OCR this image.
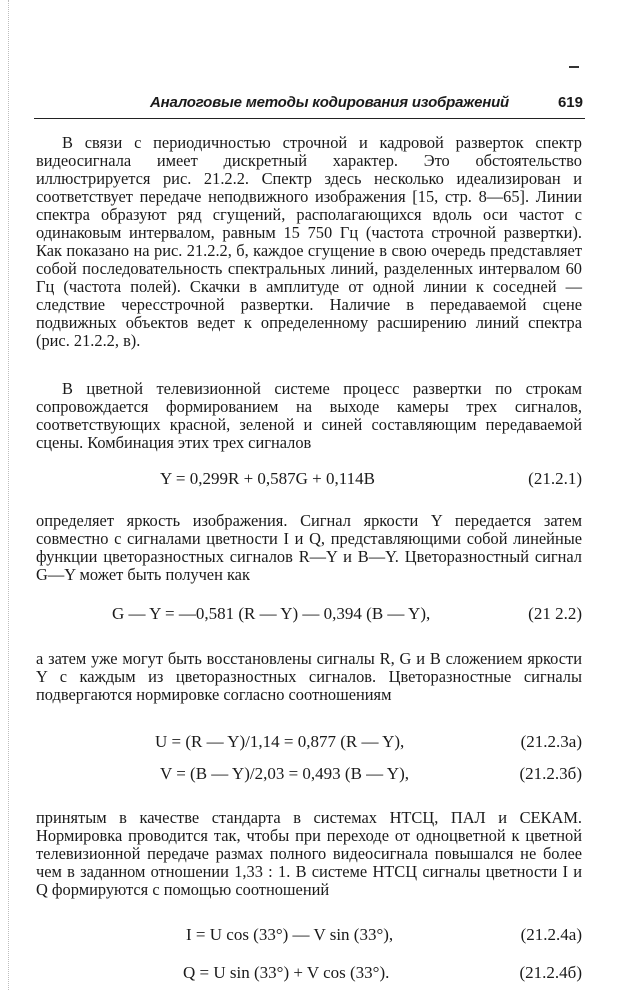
Аналоговые методы кодирования изображений	619

В связи с периодичностью строчной и кадровой разверток спектр видеосигнала имеет дискретный характер. Это обстоятельство иллюстрируется рис. 21.2.2. Спектр здесь несколько идеализирован и соответствует передаче неподвижного изображения [15, стр. 8—65]. Линии спектра образуют ряд сгущений, располагающихся вдоль оси частот с одинаковым интервалом, равным 15 750 Гц (частота строчной развертки). Как показано на рис. 21.2.2, б, каждое сгущение в свою очередь представляет собой последовательность спектральных линий, разделенных интервалом 60 Гц (частота полей). Скачки в амплитуде от одной линии к соседней — следствие чересстрочной развертки. Наличие в передаваемой сцене подвижных объектов ведет к определенному расширению линий спектра (рис. 21.2.2, в).

В цветной телевизионной системе процесс развертки по строкам сопровождается формированием на выходе камеры трех сигналов, соответствующих красной, зеленой и синей составляющим передаваемой сцены. Комбинация этих трех сигналов

Y = 0,299R + 0,587G + 0,114B	(21.2.1)

определяет яркость изображения. Сигнал яркости Y передается затем совместно с сигналами цветности I и Q, представляющими собой линейные функции цветоразностных сигналов R—Y и B—Y. Цветоразностный сигнал G—Y может быть получен как

G — Y = —0,581 (R — Y) — 0,394 (B — Y),	(21 2.2)

а затем уже могут быть восстановлены сигналы R, G и B сложением яркости Y с каждым из цветоразностных сигналов. Цветоразностные сигналы подвергаются нормировке согласно соотношениям

U = (R — Y)/1,14 = 0,877 (R — Y),	(21.2.3а)
V = (B — Y)/2,03 = 0,493 (B — Y),	(21.2.3б)

принятым в качестве стандарта в системах НТСЦ, ПАЛ и СЕКАМ. Нормировка проводится так, чтобы при переходе от одноцветной к цветной телевизионной передаче размах полного видеосигнала повышался не более чем в заданном отношении 1,33 : 1. В системе НТСЦ сигналы цветности I и Q формируются с помощью соотношений

I = U cos (33°) — V sin (33°),	(21.2.4а)
Q = U sin (33°) + V cos (33°).	(21.2.4б)
